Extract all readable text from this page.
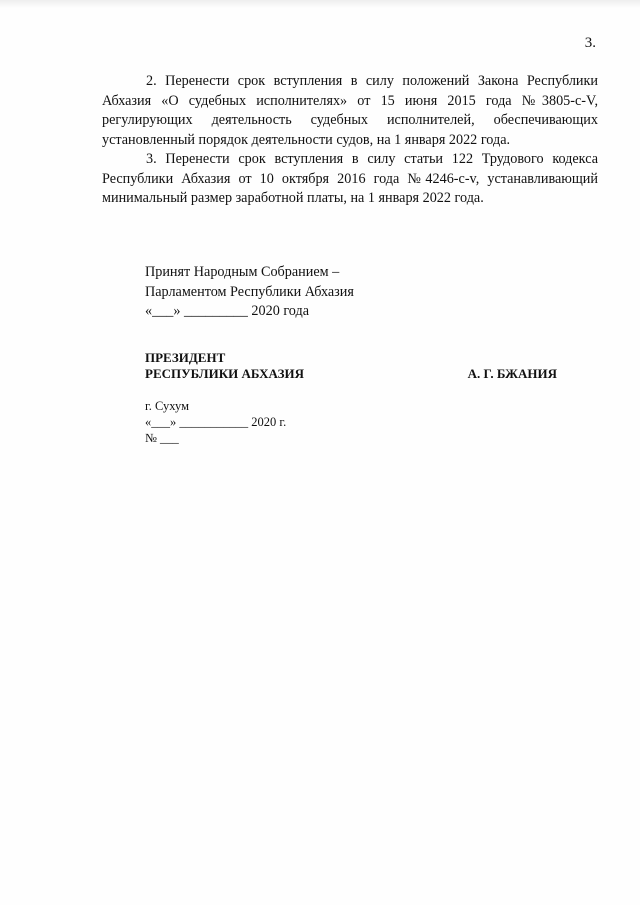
3.

2. Перенести срок вступления в силу положений Закона Республики Абхазия «О судебных исполнителях» от 15 июня 2015 года №3805-с-V, регулирующих деятельность судебных исполнителей, обеспечивающих установленный порядок деятельности судов, на 1 января 2022 года.

3. Перенести срок вступления в силу статьи 122 Трудового кодекса Республики Абхазия от 10 октября 2016 года №4246-с-v, устанавливающий минимальный размер заработной платы, на 1 января 2022 года.

Принят Народным Собранием –
Парламентом Республики Абхазия
«___» _________ 2020 года
ПРЕЗИДЕНТ
РЕСПУБЛИКИ АБХАЗИЯ	А. Г. БЖАНИЯ
г. Сухум
«___» ___________ 2020 г.
№ ___
